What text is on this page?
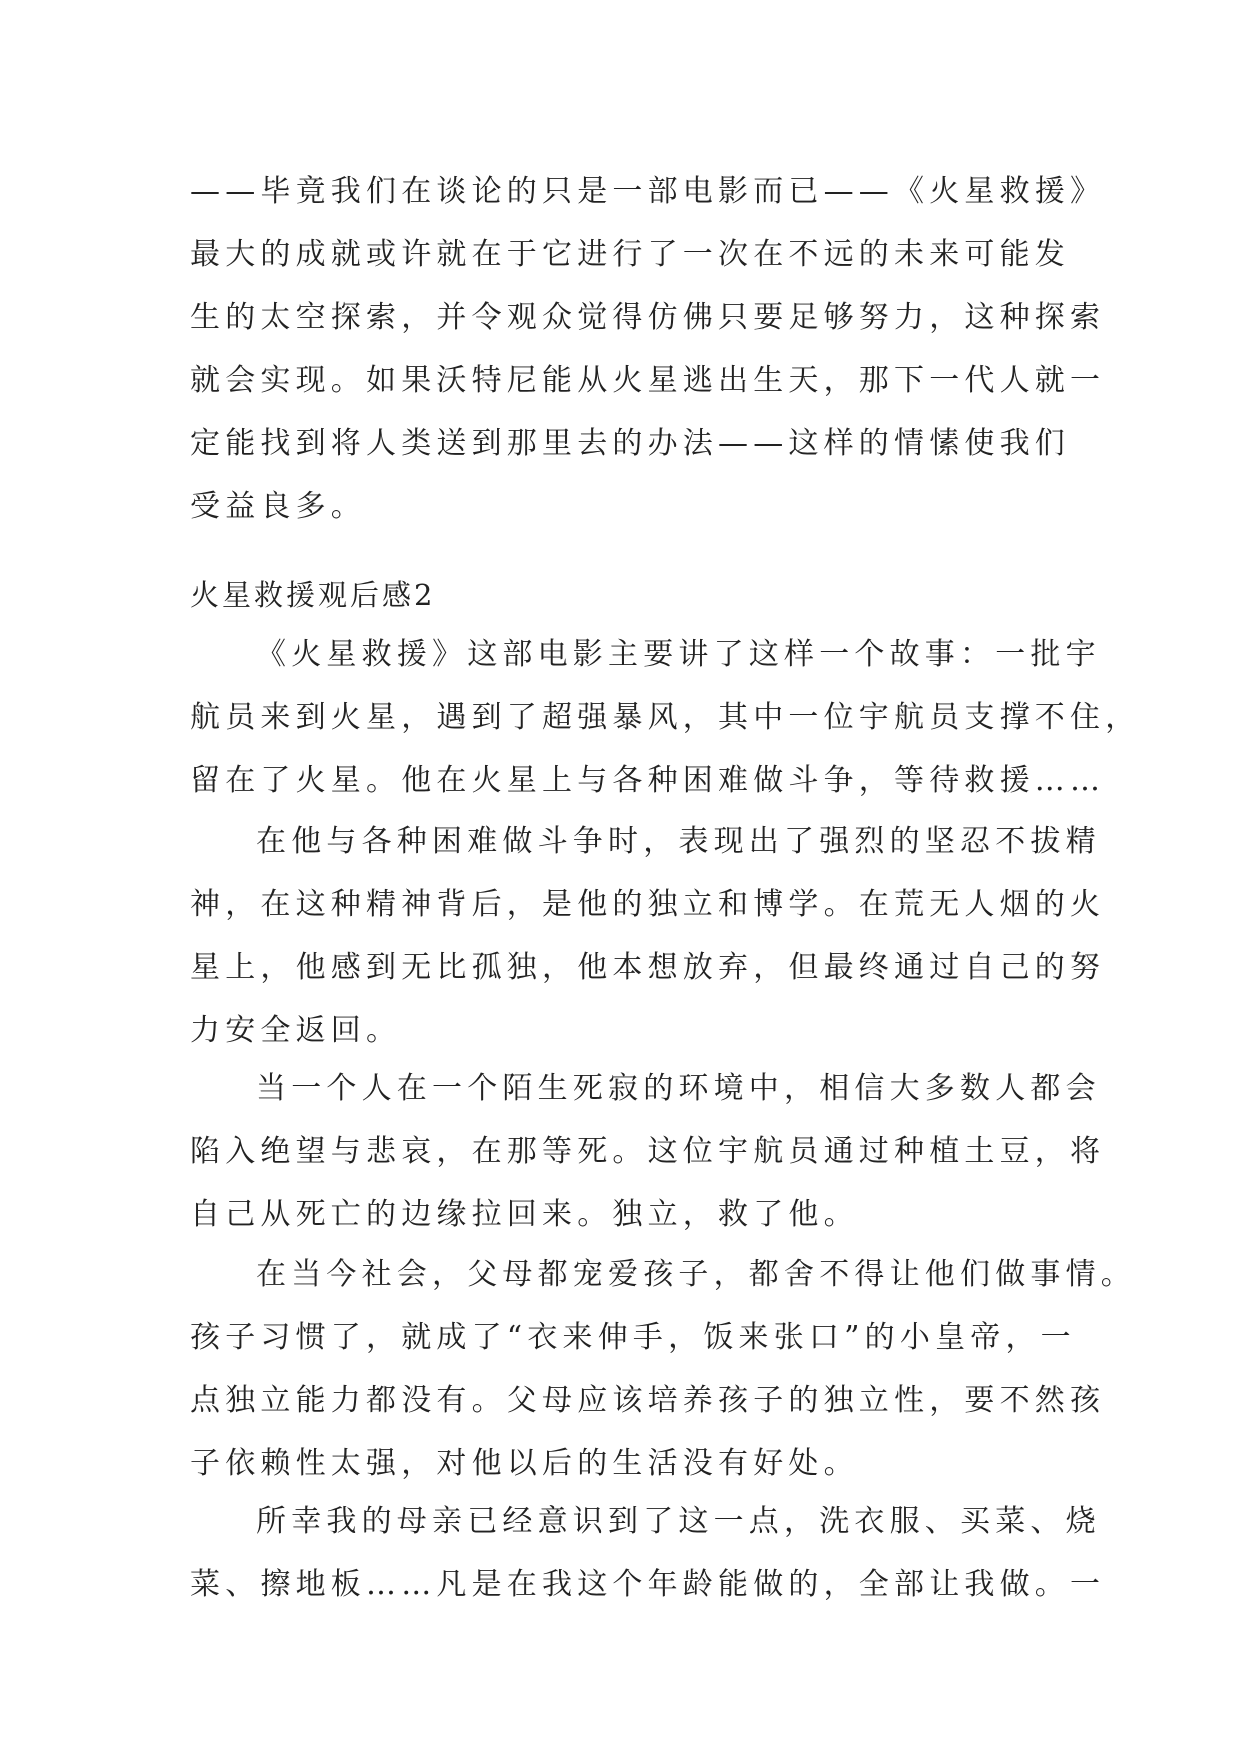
——毕竟我们在谈论的只是一部电影而已——《火星救援》
最大的成就或许就在于它进行了一次在不远的未来可能发
生的太空探索，并令观众觉得仿佛只要足够努力，这种探索
就会实现。如果沃特尼能从火星逃出生天，那下一代人就一
定能找到将人类送到那里去的办法——这样的情愫使我们
受益良多。
火星救援观后感2
《火星救援》这部电影主要讲了这样一个故事：一批宇
航员来到火星，遇到了超强暴风，其中一位宇航员支撑不住，
留在了火星。他在火星上与各种困难做斗争，等待救援……
在他与各种困难做斗争时，表现出了强烈的坚忍不拔精
神，在这种精神背后，是他的独立和博学。在荒无人烟的火
星上，他感到无比孤独，他本想放弃，但最终通过自己的努
力安全返回。
当一个人在一个陌生死寂的环境中，相信大多数人都会
陷入绝望与悲哀，在那等死。这位宇航员通过种植土豆，将
自己从死亡的边缘拉回来。独立，救了他。
在当今社会，父母都宠爱孩子，都舍不得让他们做事情。
孩子习惯了，就成了“衣来伸手，饭来张口”的小皇帝，一
点独立能力都没有。父母应该培养孩子的独立性，要不然孩
子依赖性太强，对他以后的生活没有好处。
所幸我的母亲已经意识到了这一点，洗衣服、买菜、烧
菜、擦地板……凡是在我这个年龄能做的，全部让我做。一
